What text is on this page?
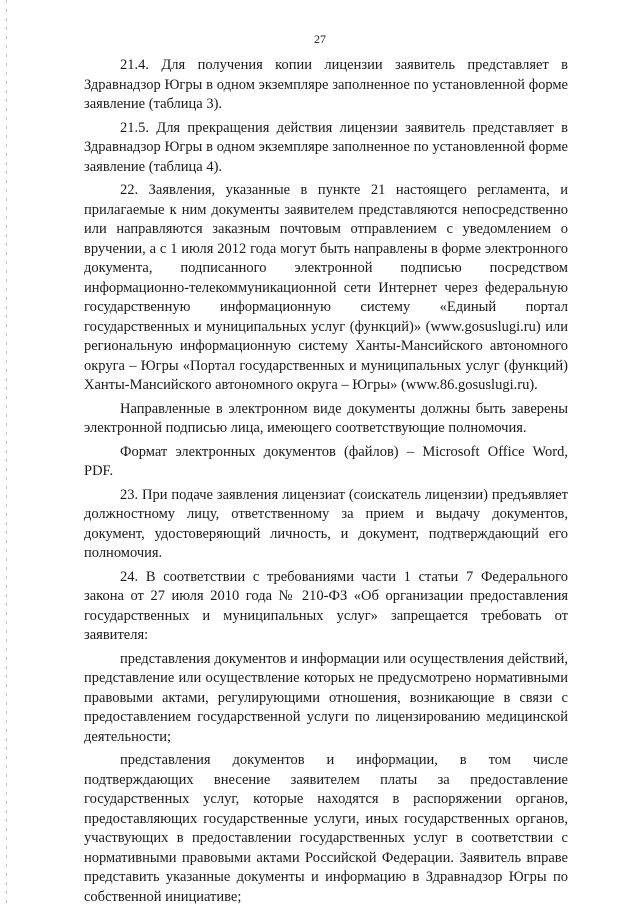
27

21.4. Для получения копии лицензии заявитель представляет в Здравнадзор Югры в одном экземпляре заполненное по установленной форме заявление (таблица 3).

21.5. Для прекращения действия лицензии заявитель представляет в Здравнадзор Югры в одном экземпляре заполненное по установленной форме заявление (таблица 4).

22. Заявления, указанные в пункте 21 настоящего регламента, и прилагаемые к ним документы заявителем представляются непосредственно или направляются заказным почтовым отправлением с уведомлением о вручении, а с 1 июля 2012 года могут быть направлены в форме электронного документа, подписанного электронной подписью посредством информационно-телекоммуникационной сети Интернет через федеральную государственную информационную систему «Единый портал государственных и муниципальных услуг (функций)» (www.gosuslugi.ru) или региональную информационную систему Ханты-Мансийского автономного округа – Югры «Портал государственных и муниципальных услуг (функций) Ханты-Мансийского автономного округа – Югры» (www.86.gosuslugi.ru).

Направленные в электронном виде документы должны быть заверены электронной подписью лица, имеющего соответствующие полномочия.

Формат электронных документов (файлов) – Microsoft Office Word, PDF.

23. При подаче заявления лицензиат (соискатель лицензии) предъявляет должностному лицу, ответственному за прием и выдачу документов, документ, удостоверяющий личность, и документ, подтверждающий его полномочия.

24. В соответствии с требованиями части 1 статьи 7 Федерального закона от 27 июля 2010 года № 210-ФЗ «Об организации предоставления государственных и муниципальных услуг» запрещается требовать от заявителя:

представления документов и информации или осуществления действий, представление или осуществление которых не предусмотрено нормативными правовыми актами, регулирующими отношения, возникающие в связи с предоставлением государственной услуги по лицензированию медицинской деятельности;

представления документов и информации, в том числе подтверждающих внесение заявителем платы за предоставление государственных услуг, которые находятся в распоряжении органов, предоставляющих государственные услуги, иных государственных органов, участвующих в предоставлении государственных услуг в соответствии с нормативными правовыми актами Российской Федерации. Заявитель вправе представить указанные документы и информацию в Здравнадзор Югры по собственной инициативе;
